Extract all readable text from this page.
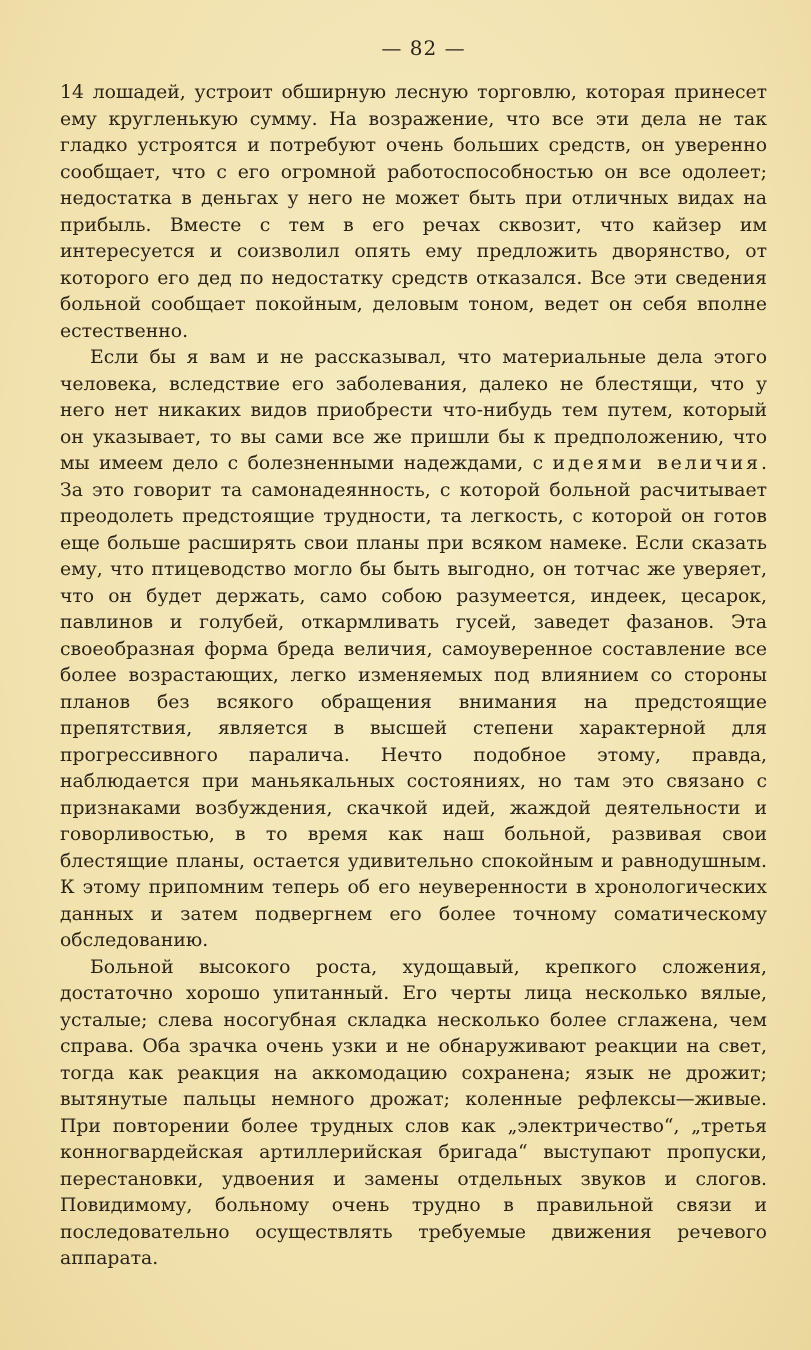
— 82 —

14 лошадей, устроит обширную лесную торговлю, которая принесет ему кругленькую сумму. На возражение, что все эти дела не так гладко устроятся и потребуют очень больших средств, он уверенно сообщает, что с его огромной работоспособностью он все одолеет; недостатка в деньгах у него не может быть при отличных видах на прибыль. Вместе с тем в его речах сквозит, что кайзер им интересуется и соизволил опять ему предложить дворянство, от которого его дед по недостатку средств отказался. Все эти сведения больной сообщает покойным, деловым тоном, ведет он себя вполне естественно.

Если бы я вам и не рассказывал, что материальные дела этого человека, вследствие его заболевания, далеко не блестящи, что у него нет никаких видов приобрести что-нибудь тем путем, который он указывает, то вы сами все же пришли бы к предположению, что мы имеем дело с болезненными надеждами, с идеями величия. За это говорит та самонадеянность, с которой больной расчитывает преодолеть предстоящие трудности, та легкость, с которой он готов еще больше расширять свои планы при всяком намеке. Если сказать ему, что птицеводство могло бы быть выгодно, он тотчас же уверяет, что он будет держать, само собою разумеется, индеек, цесарок, павлинов и голубей, откармливать гусей, заведет фазанов. Эта своеобразная форма бреда величия, самоуверенное составление все более возрастающих, легко изменяемых под влиянием со стороны планов без всякого обращения внимания на предстоящие препятствия, является в высшей степени характерной для прогрессивного паралича. Нечто подобное этому, правда, наблюдается при маньякальных состояниях, но там это связано с признаками возбуждения, скачкой идей, жаждой деятельности и говорливостью, в то время как наш больной, развивая свои блестящие планы, остается удивительно спокойным и равнодушным. К этому припомним теперь об его неуверенности в хронологических данных и затем подвергнем его более точному соматическому обследованию.

Больной высокого роста, худощавый, крепкого сложения, достаточно хорошо упитанный. Его черты лица несколько вялые, усталые; слева носогубная складка несколько более сглажена, чем справа. Оба зрачка очень узки и не обнаруживают реакции на свет, тогда как реакция на аккомодацию сохранена; язык не дрожит; вытянутые пальцы немного дрожат; коленные рефлексы—живые. При повторении более трудных слов как „электричество“, „третья конногвардейская артиллерийская бригада“ выступают пропуски, перестановки, удвоения и замены отдельных звуков и слогов. Повидимому, больному очень трудно в правильной связи и последовательно осуществлять требуемые движения речевого аппарата.
